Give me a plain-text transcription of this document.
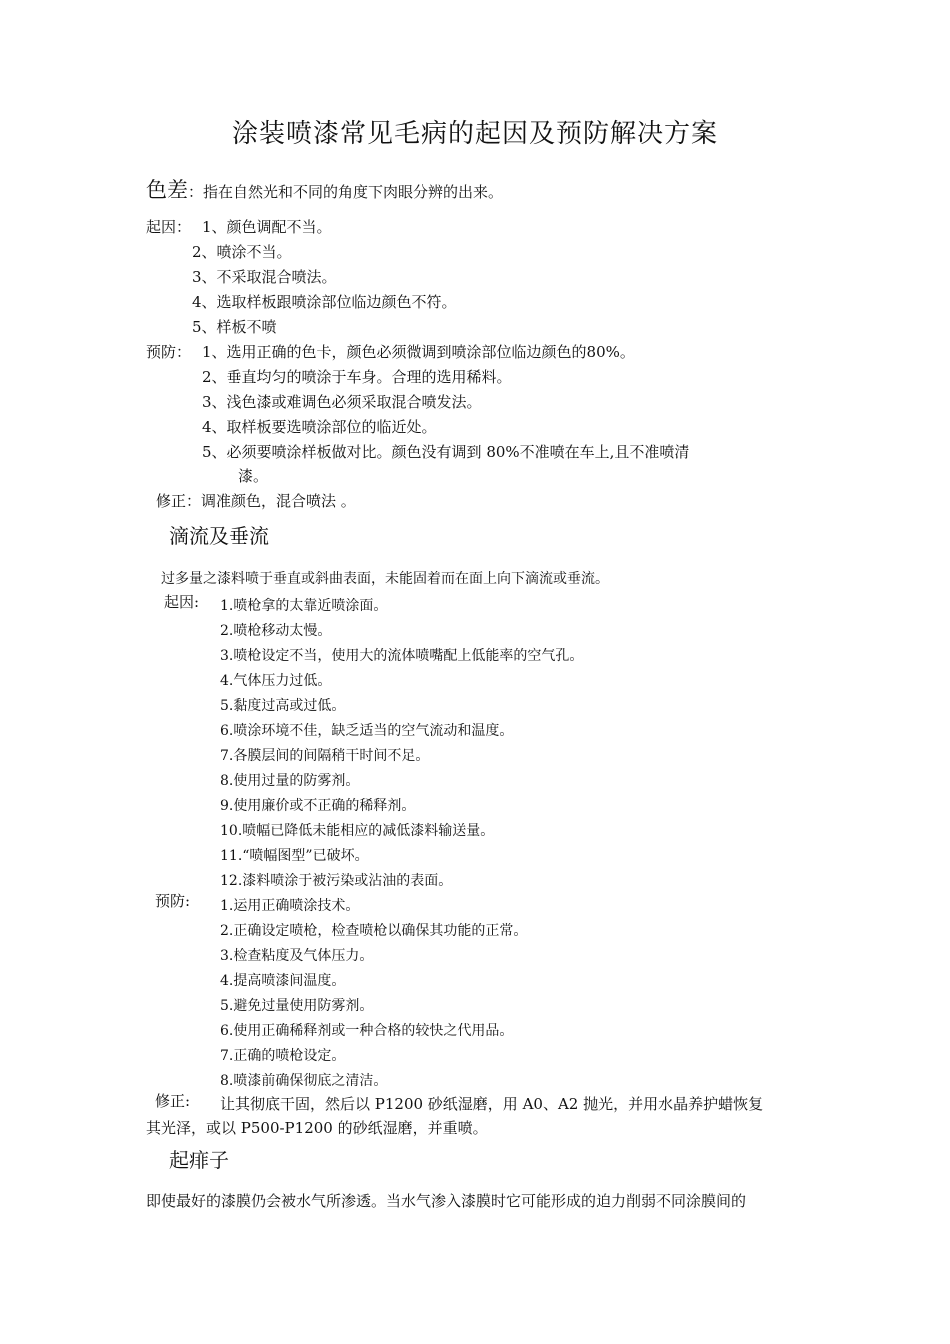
涂装喷漆常见毛病的起因及预防解决方案
色差：指在自然光和不同的角度下肉眼分辨的出来。
起因： 1、颜色调配不当。
2、喷涂不当。
3、不采取混合喷法。
4、选取样板跟喷涂部位临边颜色不符。
5、样板不喷
预防： 1、选用正确的色卡，颜色必须微调到喷涂部位临边颜色的80%。
2、垂直均匀的喷涂于车身。合理的选用稀料。
3、浅色漆或难调色必须采取混合喷发法。
4、取样板要选喷涂部位的临近处。
5、必须要喷涂样板做对比。颜色没有调到 80%不准喷在车上,且不准喷清
漆。
修正：调准颜色，混合喷法 。
滴流及垂流
过多量之漆料喷于垂直或斜曲表面，未能固着而在面上向下滴流或垂流。
起因: 1.喷枪拿的太靠近喷涂面。
2.喷枪移动太慢。
3.喷枪设定不当，使用大的流体喷嘴配上低能率的空气孔。
4.气体压力过低。
5.黏度过高或过低。
6.喷涂环境不佳，缺乏适当的空气流动和温度。
7.各膜层间的间隔稍干时间不足。
8.使用过量的防雾剂。
9.使用廉价或不正确的稀释剂。
10.喷幅已降低未能相应的减低漆料输送量。
11.“喷幅图型”已破坏。
12.漆料喷涂于被污染或沾油的表面。
预防: 1.运用正确喷涂技术。
2.正确设定喷枪，检查喷枪以确保其功能的正常。
3.检查粘度及气体压力。
4.提高喷漆间温度。
5.避免过量使用防雾剂。
6.使用正确稀释剂或一种合格的较快之代用品。
7.正确的喷枪设定。
8.喷漆前确保彻底之清洁。
修正: 让其彻底干固，然后以 P1200 砂纸湿磨，用 A0、A2 抛光，并用水晶养护蜡恢复
其光泽，或以 P500-P1200 的砂纸湿磨，并重喷。
起痱子
即使最好的漆膜仍会被水气所渗透。当水气渗入漆膜时它可能形成的迫力削弱不同涂膜间的
